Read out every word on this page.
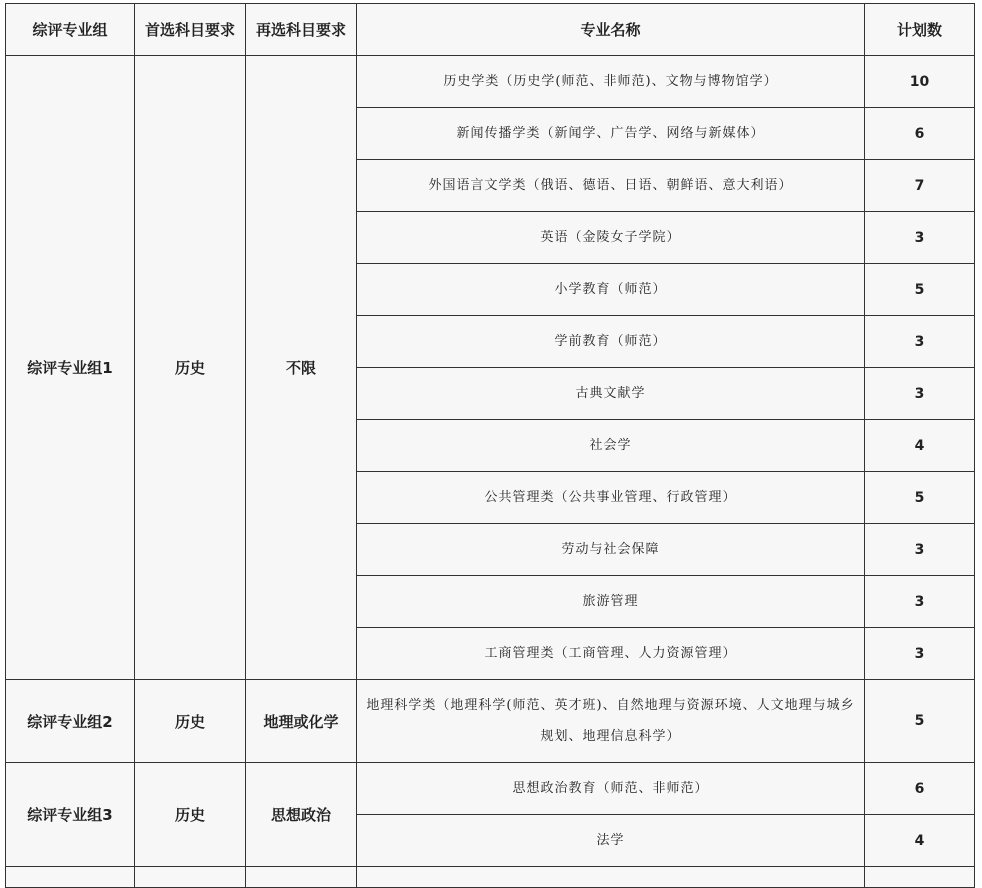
综评专业组	首选科目要求	再选科目要求	专业名称	计划数
综评专业组1	历史	不限	历史学类（历史学(师范、非师范)、文物与博物馆学）	10
			新闻传播学类（新闻学、广告学、网络与新媒体）	6
			外国语言文学类（俄语、德语、日语、朝鲜语、意大利语）	7
			英语（金陵女子学院）	3
			小学教育（师范）	5
			学前教育（师范）	3
			古典文献学	3
			社会学	4
			公共管理类（公共事业管理、行政管理）	5
			劳动与社会保障	3
			旅游管理	3
			工商管理类（工商管理、人力资源管理）	3
综评专业组2	历史	地理或化学	地理科学类（地理科学(师范、英才班)、自然地理与资源环境、人文地理与城乡规划、地理信息科学）	5
综评专业组3	历史	思想政治	思想政治教育（师范、非师范）	6
			法学	4
